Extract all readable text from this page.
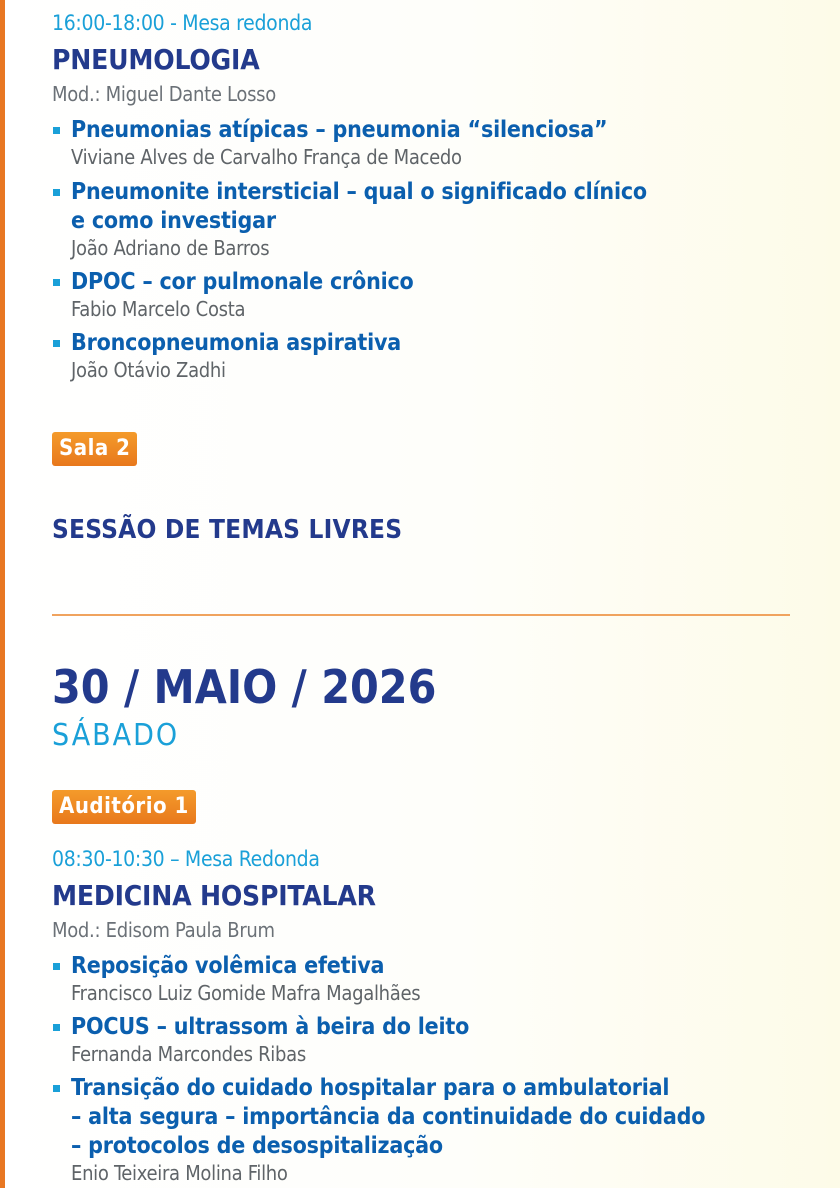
16:00-18:00 - Mesa redonda
PNEUMOLOGIA
Mod.: Miguel Dante Losso
Pneumonias atípicas – pneumonia “silenciosa”
Viviane Alves de Carvalho França de Macedo
Pneumonite intersticial – qual o significado clínico
e como investigar
João Adriano de Barros
DPOC – cor pulmonale crônico
Fabio Marcelo Costa
Broncopneumonia aspirativa
João Otávio Zadhi
Sala 2
SESSÃO DE TEMAS LIVRES
30 / MAIO / 2026
SÁBADO
Auditório 1
08:30-10:30 – Mesa Redonda
MEDICINA HOSPITALAR
Mod.: Edisom Paula Brum
Reposição volêmica efetiva
Francisco Luiz Gomide Mafra Magalhães
POCUS – ultrassom à beira do leito
Fernanda Marcondes Ribas
Transição do cuidado hospitalar para o ambulatorial
– alta segura – importância da continuidade do cuidado
– protocolos de desospitalização
Enio Teixeira Molina Filho
